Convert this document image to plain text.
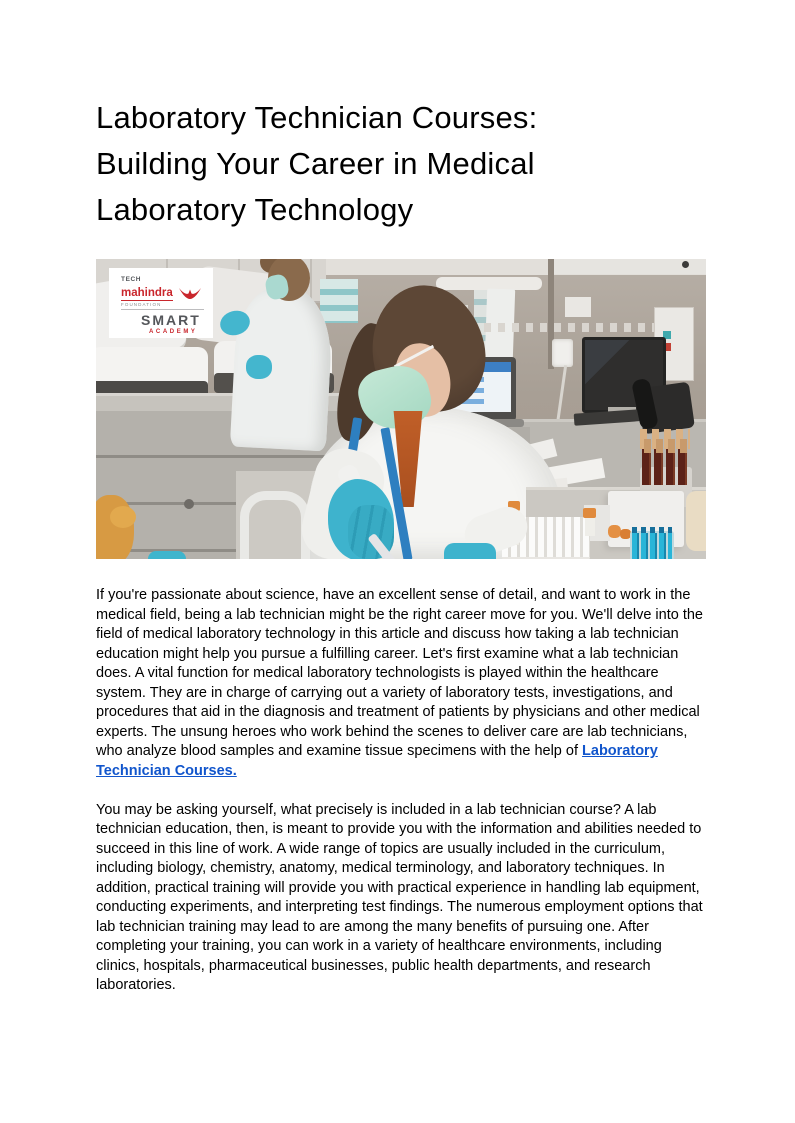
Laboratory Technician Courses:
Building Your Career in Medical
Laboratory Technology
TECH
mahindra
FOUNDATION
SMART
ACADEMY

If you're passionate about science, have an excellent sense of detail, and want to work in the medical field, being a lab technician might be the right career move for you. We'll delve into the field of medical laboratory technology in this article and discuss how taking a lab technician education might help you pursue a fulfilling career. Let's first examine what a lab technician does. A vital function for medical laboratory technologists is played within the healthcare system. They are in charge of carrying out a variety of laboratory tests, investigations, and procedures that aid in the diagnosis and treatment of patients by physicians and other medical experts. The unsung heroes who work behind the scenes to deliver care are lab technicians, who analyze blood samples and examine tissue specimens with the help of Laboratory Technician Courses.

You may be asking yourself, what precisely is included in a lab technician course? A lab technician education, then, is meant to provide you with the information and abilities needed to succeed in this line of work. A wide range of topics are usually included in the curriculum, including biology, chemistry, anatomy, medical terminology, and laboratory techniques. In addition, practical training will provide you with practical experience in handling lab equipment, conducting experiments, and interpreting test findings. The numerous employment options that lab technician training may lead to are among the many benefits of pursuing one. After completing your training, you can work in a variety of healthcare environments, including clinics, hospitals, pharmaceutical businesses, public health departments, and research laboratories.
